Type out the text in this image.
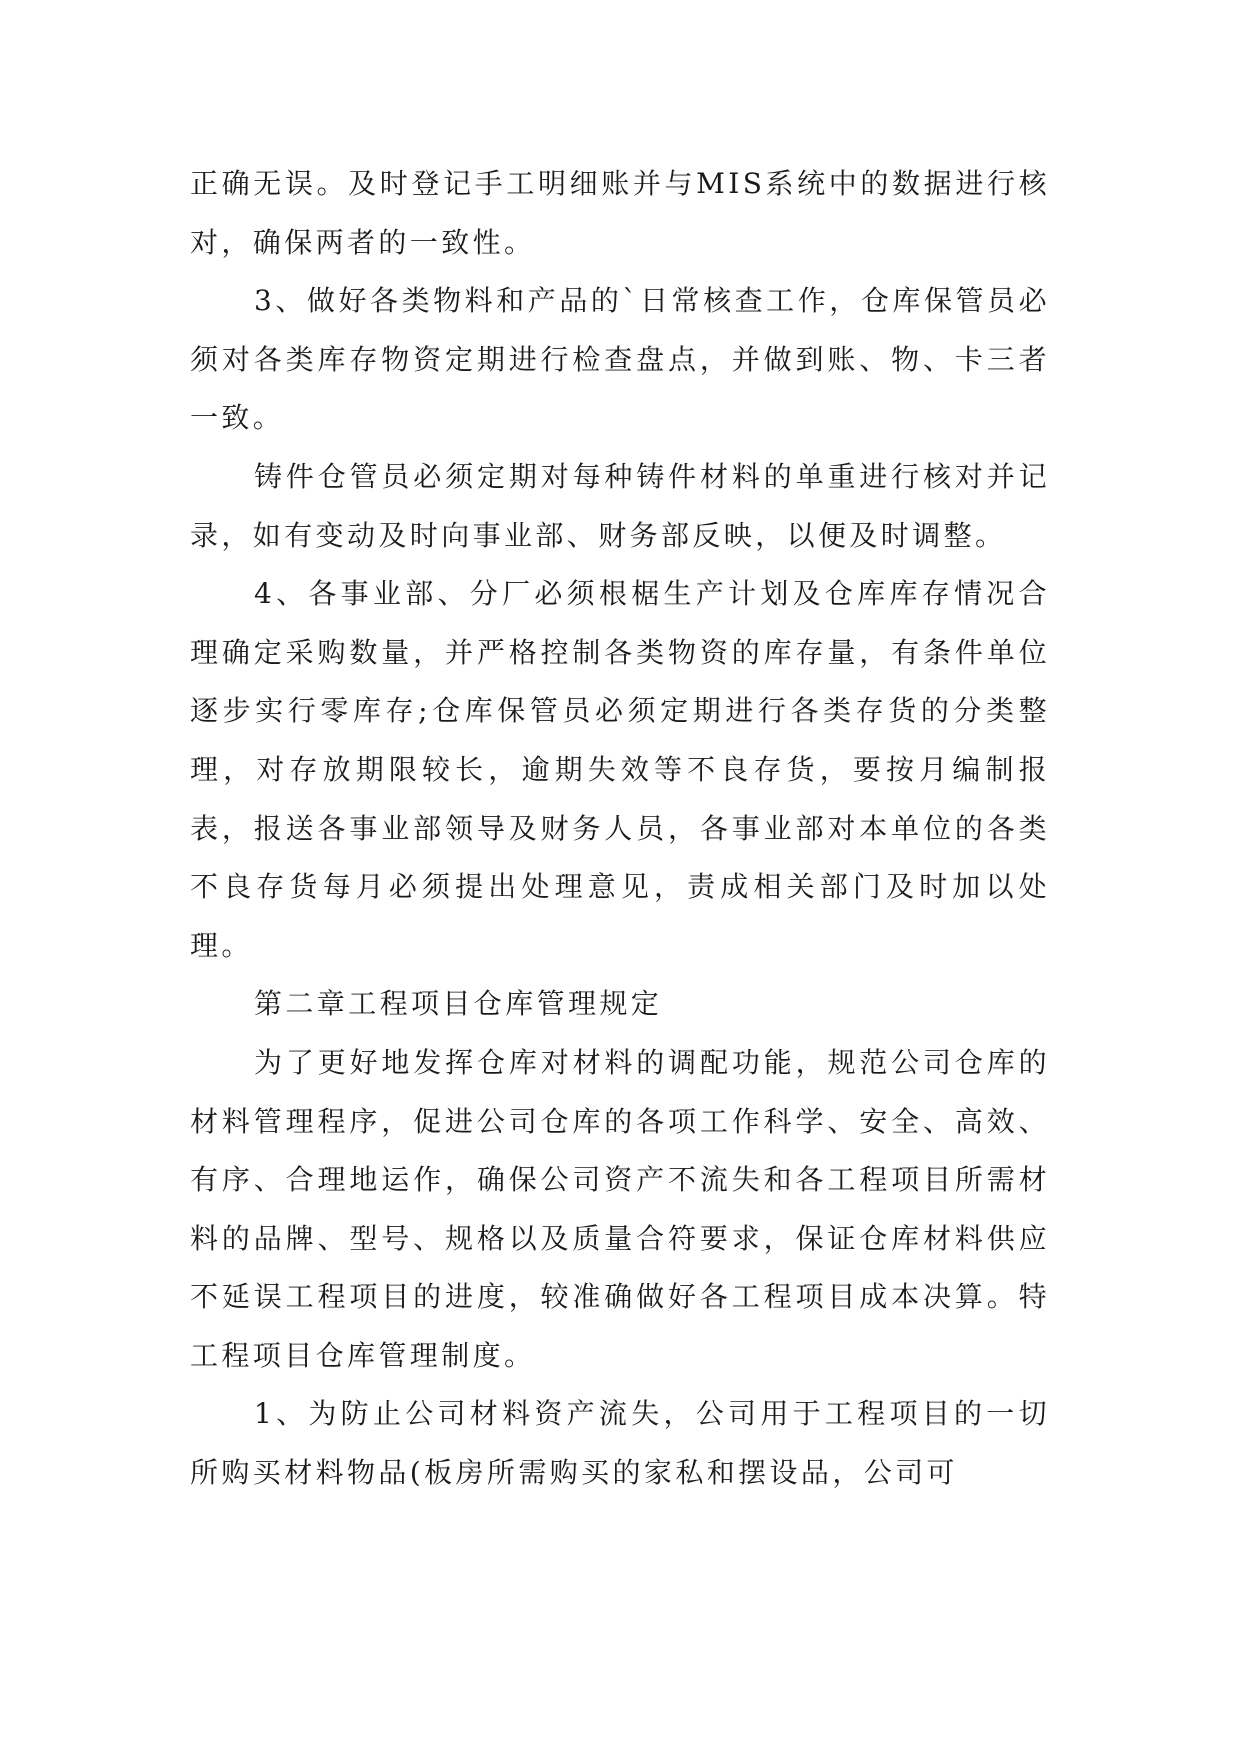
正确无误。及时登记手工明细账并与MIS系统中的数据进行核对，确保两者的一致性。

3、做好各类物料和产品的`日常核查工作，仓库保管员必须对各类库存物资定期进行检查盘点，并做到账、物、卡三者一致。

铸件仓管员必须定期对每种铸件材料的单重进行核对并记录，如有变动及时向事业部、财务部反映，以便及时调整。

4、各事业部、分厂必须根椐生产计划及仓库库存情况合理确定采购数量，并严格控制各类物资的库存量，有条件单位逐步实行零库存;仓库保管员必须定期进行各类存货的分类整理，对存放期限较长，逾期失效等不良存货，要按月编制报表，报送各事业部领导及财务人员，各事业部对本单位的各类不良存货每月必须提出处理意见，责成相关部门及时加以处理。

第二章工程项目仓库管理规定

为了更好地发挥仓库对材料的调配功能，规范公司仓库的材料管理程序，促进公司仓库的各项工作科学、安全、高效、有序、合理地运作，确保公司资产不流失和各工程项目所需材料的品牌、型号、规格以及质量合符要求，保证仓库材料供应不延误工程项目的进度，较准确做好各工程项目成本决算。特工程项目仓库管理制度。

1、为防止公司材料资产流失，公司用于工程项目的一切所购买材料物品(板房所需购买的家私和摆设品，公司可
